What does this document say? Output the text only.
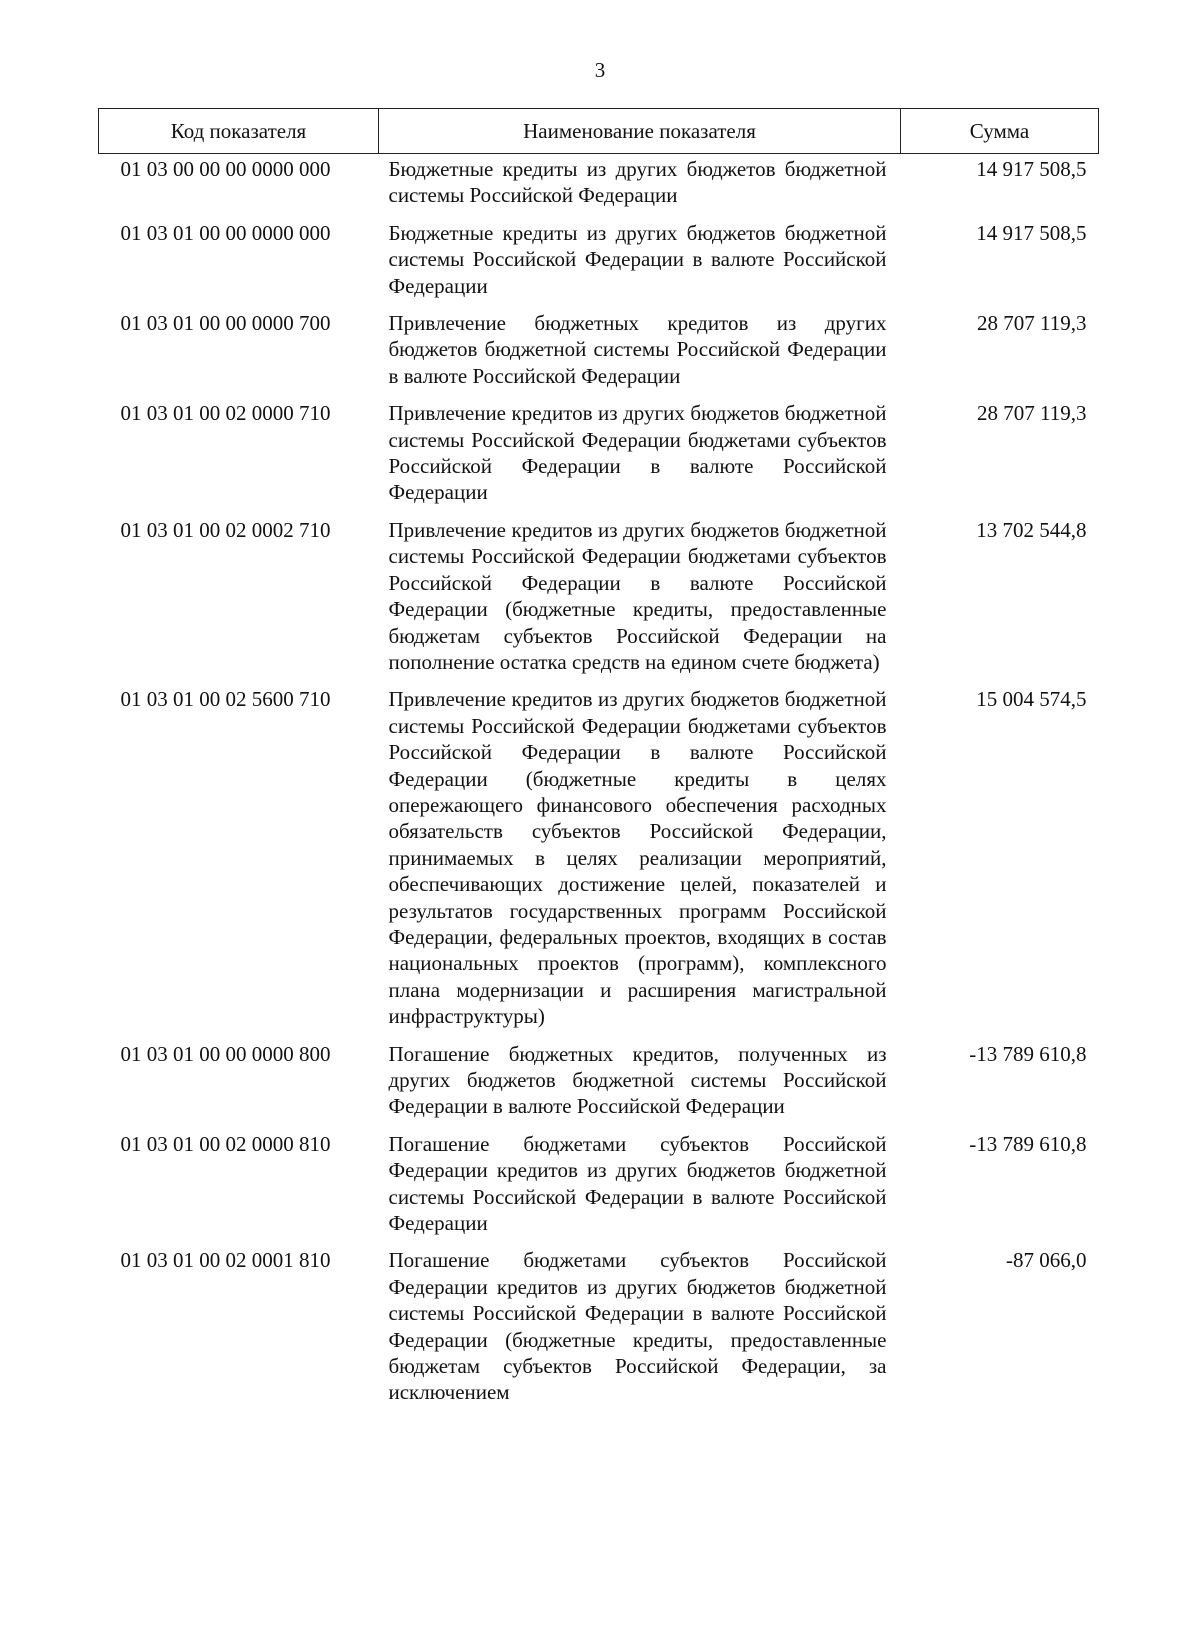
3
Код показателя	Наименование показателя	Сумма
01 03 00 00 00 0000 000	Бюджетные кредиты из других бюджетов бюджетной системы Российской Федерации	14 917 508,5
01 03 01 00 00 0000 000	Бюджетные кредиты из других бюджетов бюджетной системы Российской Федерации в валюте Российской Федерации	14 917 508,5
01 03 01 00 00 0000 700	Привлечение бюджетных кредитов из других бюджетов бюджетной системы Российской Федерации в валюте Российской Федерации	28 707 119,3
01 03 01 00 02 0000 710	Привлечение кредитов из других бюджетов бюджетной системы Российской Федерации бюджетами субъектов Российской Федерации в валюте Российской Федерации	28 707 119,3
01 03 01 00 02 0002 710	Привлечение кредитов из других бюджетов бюджетной системы Российской Федерации бюджетами субъектов Российской Федерации в валюте Российской Федерации (бюджетные кредиты, предоставленные бюджетам субъектов Российской Федерации на пополнение остатка средств на едином счете бюджета)	13 702 544,8
01 03 01 00 02 5600 710	Привлечение кредитов из других бюджетов бюджетной системы Российской Федерации бюджетами субъектов Российской Федерации в валюте Российской Федерации (бюджетные кредиты в целях опережающего финансового обеспечения расходных обязательств субъектов Российской Федерации, принимаемых в целях реализации мероприятий, обеспечивающих достижение целей, показателей и результатов государственных программ Российской Федерации, федеральных проектов, входящих в состав национальных проектов (программ), комплексного плана модернизации и расширения магистральной инфраструктуры)	15 004 574,5
01 03 01 00 00 0000 800	Погашение бюджетных кредитов, полученных из других бюджетов бюджетной системы Российской Федерации в валюте Российской Федерации	-13 789 610,8
01 03 01 00 02 0000 810	Погашение бюджетами субъектов Российской Федерации кредитов из других бюджетов бюджетной системы Российской Федерации в валюте Российской Федерации	-13 789 610,8
01 03 01 00 02 0001 810	Погашение бюджетами субъектов Российской Федерации кредитов из других бюджетов бюджетной системы Российской Федерации в валюте Российской Федерации (бюджетные кредиты, предоставленные бюджетам субъектов Российской Федерации, за исключением	-87 066,0
